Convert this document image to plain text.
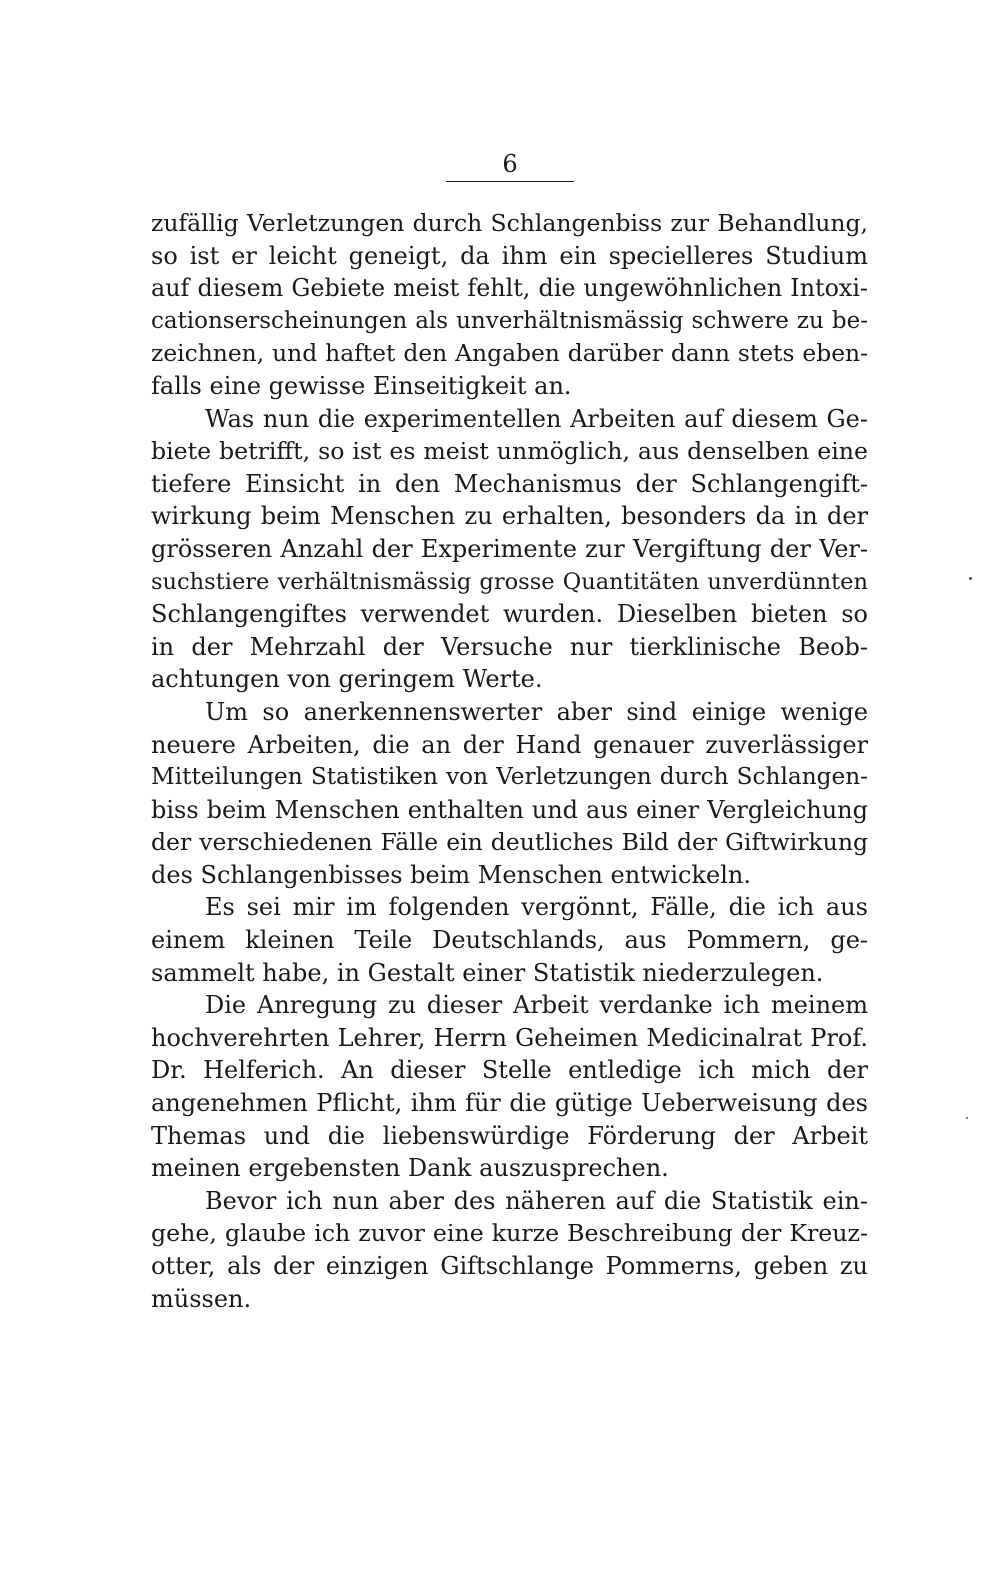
6
zufällig Verletzungen durch Schlangenbiss zur Behandlung,
so ist er leicht geneigt, da ihm ein specielleres Studium
auf diesem Gebiete meist fehlt, die ungewöhnlichen Intoxi-
cationserscheinungen als unverhältnismässig schwere zu be-
zeichnen, und haftet den Angaben darüber dann stets eben-
falls eine gewisse Einseitigkeit an.
Was nun die experimentellen Arbeiten auf diesem Ge-
biete betrifft, so ist es meist unmöglich, aus denselben eine
tiefere Einsicht in den Mechanismus der Schlangengift-
wirkung beim Menschen zu erhalten, besonders da in der
grösseren Anzahl der Experimente zur Vergiftung der Ver-
suchstiere verhältnismässig grosse Quantitäten unverdünnten
Schlangengiftes verwendet wurden. Dieselben bieten so
in der Mehrzahl der Versuche nur tierklinische Beob-
achtungen von geringem Werte.
Um so anerkennenswerter aber sind einige wenige
neuere Arbeiten, die an der Hand genauer zuverlässiger
Mitteilungen Statistiken von Verletzungen durch Schlangen-
biss beim Menschen enthalten und aus einer Vergleichung
der verschiedenen Fälle ein deutliches Bild der Giftwirkung
des Schlangenbisses beim Menschen entwickeln.
Es sei mir im folgenden vergönnt, Fälle, die ich aus
einem kleinen Teile Deutschlands, aus Pommern, ge-
sammelt habe, in Gestalt einer Statistik niederzulegen.
Die Anregung zu dieser Arbeit verdanke ich meinem
hochverehrten Lehrer, Herrn Geheimen Medicinalrat Prof.
Dr. Helferich. An dieser Stelle entledige ich mich der
angenehmen Pflicht, ihm für die gütige Ueberweisung des
Themas und die liebenswürdige Förderung der Arbeit
meinen ergebensten Dank auszusprechen.
Bevor ich nun aber des näheren auf die Statistik ein-
gehe, glaube ich zuvor eine kurze Beschreibung der Kreuz-
otter, als der einzigen Giftschlange Pommerns, geben zu
müssen.
